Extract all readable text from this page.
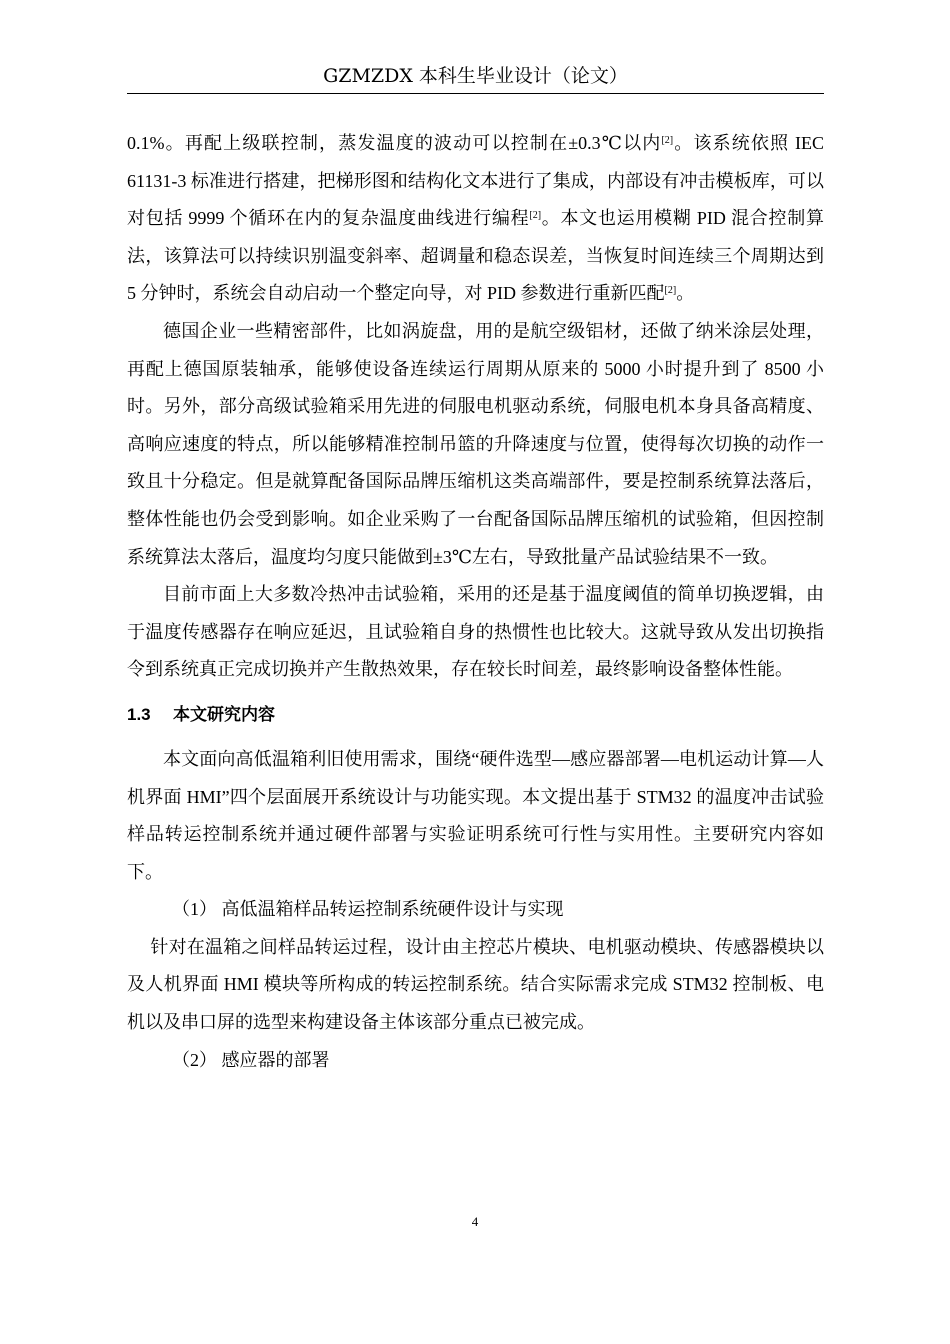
GZMZDX 本科生毕业设计（论文）

0.1%。再配上级联控制，蒸发温度的波动可以控制在±0.3℃以内[2]。该系统依照 IEC 61131-3 标准进行搭建，把梯形图和结构化文本进行了集成，内部设有冲击模板库，可以对包括 9999 个循环在内的复杂温度曲线进行编程[2]。本文也运用模糊 PID 混合控制算法，该算法可以持续识别温变斜率、超调量和稳态误差，当恢复时间连续三个周期达到 5 分钟时，系统会自动启动一个整定向导，对 PID 参数进行重新匹配[2]。

德国企业一些精密部件，比如涡旋盘，用的是航空级铝材，还做了纳米涂层处理，再配上德国原装轴承，能够使设备连续运行周期从原来的 5000 小时提升到了 8500 小时。另外，部分高级试验箱采用先进的伺服电机驱动系统，伺服电机本身具备高精度、高响应速度的特点，所以能够精准控制吊篮的升降速度与位置，使得每次切换的动作一致且十分稳定。但是就算配备国际品牌压缩机这类高端部件，要是控制系统算法落后，整体性能也仍会受到影响。如企业采购了一台配备国际品牌压缩机的试验箱，但因控制系统算法太落后，温度均匀度只能做到±3℃左右，导致批量产品试验结果不一致。

目前市面上大多数冷热冲击试验箱，采用的还是基于温度阈值的简单切换逻辑，由于温度传感器存在响应延迟，且试验箱自身的热惯性也比较大。这就导致从发出切换指令到系统真正完成切换并产生散热效果，存在较长时间差，最终影响设备整体性能。

1.3 本文研究内容

本文面向高低温箱利旧使用需求，围绕“硬件选型—感应器部署—电机运动计算—人机界面 HMI”四个层面展开系统设计与功能实现。本文提出基于 STM32 的温度冲击试验样品转运控制系统并通过硬件部署与实验证明系统可行性与实用性。主要研究内容如下。

（1） 高低温箱样品转运控制系统硬件设计与实现

针对在温箱之间样品转运过程，设计由主控芯片模块、电机驱动模块、传感器模块以及人机界面 HMI 模块等所构成的转运控制系统。结合实际需求完成 STM32 控制板、电机以及串口屏的选型来构建设备主体该部分重点已被完成。

（2） 感应器的部署

4
